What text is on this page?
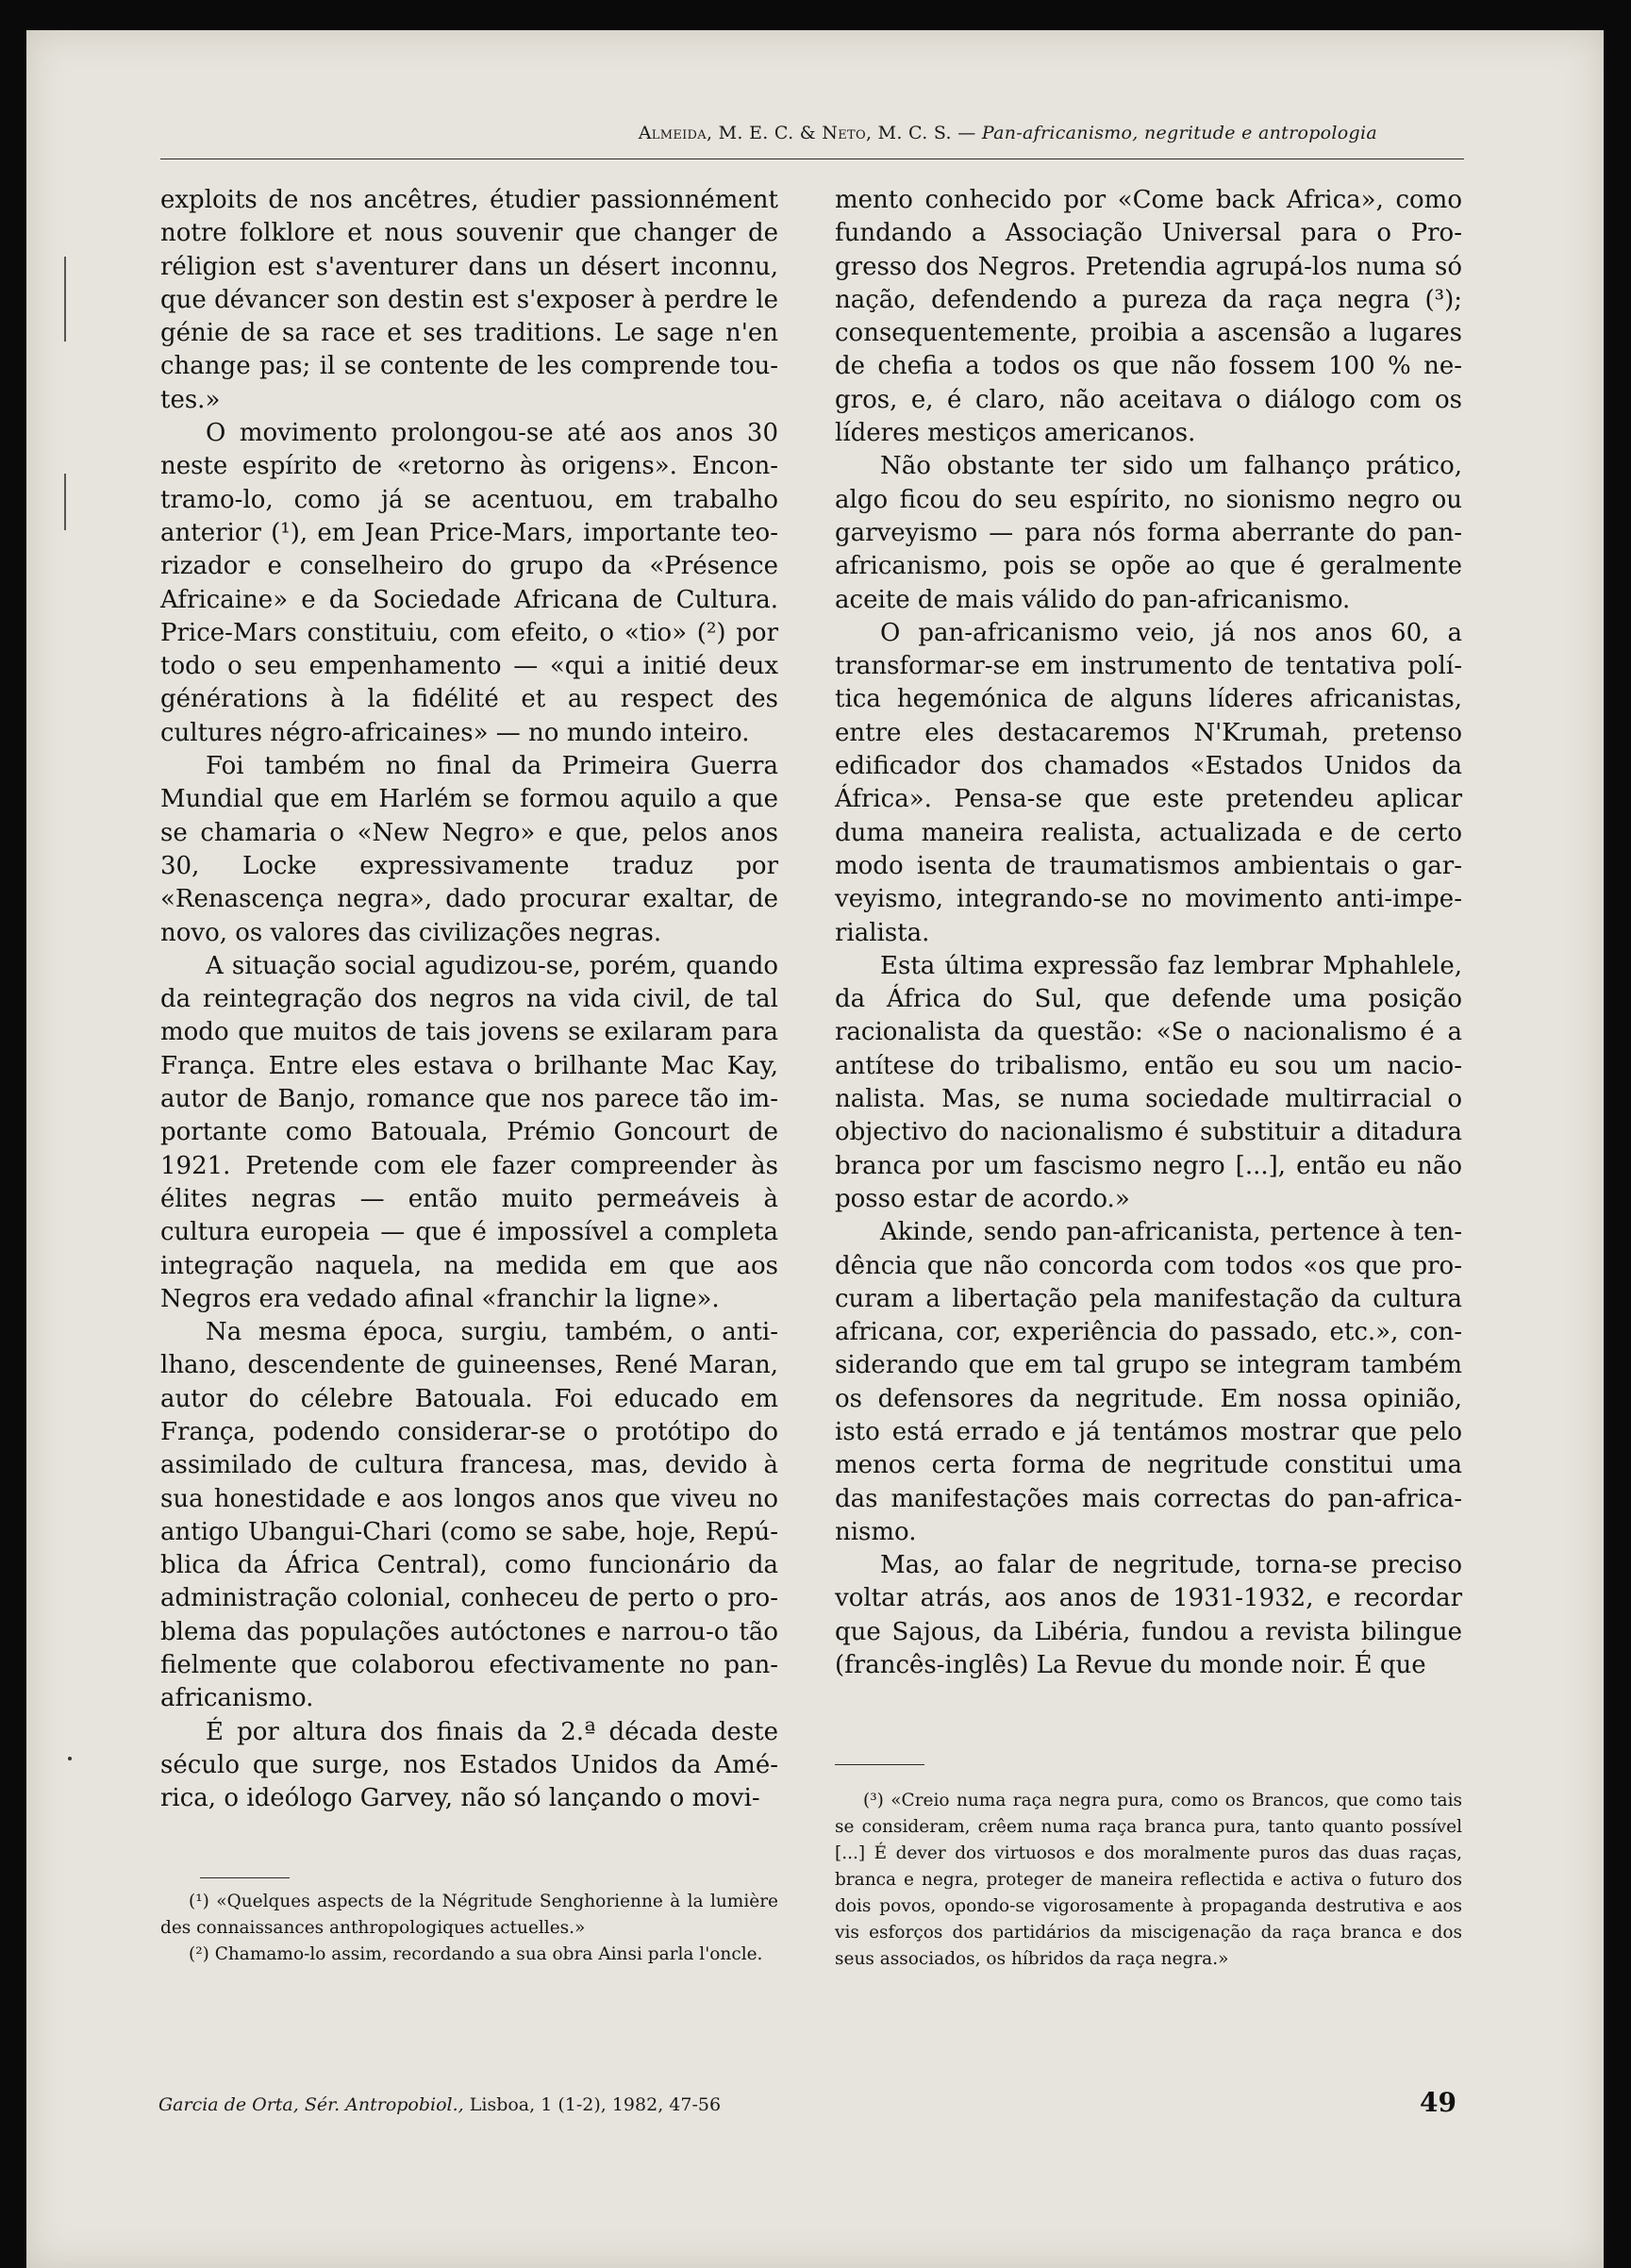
Almeida, M. E. C. & Neto, M. C. S. — Pan-africanismo, negritude e antropologia

exploits de nos ancêtres, étudier passionnément notre folklore et nous souvenir que changer de réligion est s'aventurer dans un désert inconnu, que dévancer son destin est s'exposer à perdre le génie de sa race et ses traditions. Le sage n'en change pas; il se contente de les comprende toutes.»

O movimento prolongou-se até aos anos 30 neste espírito de «retorno às origens». Encontramo-lo, como já se acentuou, em trabalho anterior (¹), em Jean Price-Mars, importante teorizador e conselheiro do grupo da «Présence Africaine» e da Sociedade Africana de Cultura. Price-Mars constituiu, com efeito, o «tio» (²) por todo o seu empenhamento — «qui a initié deux générations à la fidélité et au respect des cultures négro-africaines» — no mundo inteiro.

Foi também no final da Primeira Guerra Mundial que em Harlém se formou aquilo a que se chamaria o «New Negro» e que, pelos anos 30, Locke expressivamente traduz por «Renascença negra», dado procurar exaltar, de novo, os valores das civilizações negras.

A situação social agudizou-se, porém, quando da reintegração dos negros na vida civil, de tal modo que muitos de tais jovens se exilaram para França. Entre eles estava o brilhante Mac Kay, autor de Banjo, romance que nos parece tão importante como Batouala, Prémio Goncourt de 1921. Pretende com ele fazer compreender às élites negras — então muito permeáveis à cultura europeia — que é impossível a completa integração naquela, na medida em que aos Negros era vedado afinal «franchir la ligne».

Na mesma época, surgiu, também, o antilhano, descendente de guineenses, René Maran, autor do célebre Batouala. Foi educado em França, podendo considerar-se o protótipo do assimilado de cultura francesa, mas, devido à sua honestidade e aos longos anos que viveu no antigo Ubangui-Chari (como se sabe, hoje, República da África Central), como funcionário da administração colonial, conheceu de perto o problema das populações autóctones e narrou-o tão fielmente que colaborou efectivamente no pan-africanismo.

É por altura dos finais da 2.ª década deste século que surge, nos Estados Unidos da América, o ideólogo Garvey, não só lançando o movi-

(¹) «Quelques aspects de la Négritude Senghorienne à la lumière des connaissances anthropologiques actuelles.»

(²) Chamamo-lo assim, recordando a sua obra Ainsi parla l'oncle.

mento conhecido por «Come back Africa», como fundando a Associação Universal para o Progresso dos Negros. Pretendia agrupá-los numa só nação, defendendo a pureza da raça negra (³); consequentemente, proibia a ascensão a lugares de chefia a todos os que não fossem 100 % negros, e, é claro, não aceitava o diálogo com os líderes mestiços americanos.

Não obstante ter sido um falhanço prático, algo ficou do seu espírito, no sionismo negro ou garveyismo — para nós forma aberrante do pan-africanismo, pois se opõe ao que é geralmente aceite de mais válido do pan-africanismo.

O pan-africanismo veio, já nos anos 60, a transformar-se em instrumento de tentativa política hegemónica de alguns líderes africanistas, entre eles destacaremos N'Krumah, pretenso edificador dos chamados «Estados Unidos da África». Pensa-se que este pretendeu aplicar duma maneira realista, actualizada e de certo modo isenta de traumatismos ambientais o garveyismo, integrando-se no movimento anti-imperialista.

Esta última expressão faz lembrar Mphahlele, da África do Sul, que defende uma posição racionalista da questão: «Se o nacionalismo é a antítese do tribalismo, então eu sou um nacionalista. Mas, se numa sociedade multirracial o objectivo do nacionalismo é substituir a ditadura branca por um fascismo negro [...], então eu não posso estar de acordo.»

Akinde, sendo pan-africanista, pertence à tendência que não concorda com todos «os que procuram a libertação pela manifestação da cultura africana, cor, experiência do passado, etc.», considerando que em tal grupo se integram também os defensores da negritude. Em nossa opinião, isto está errado e já tentámos mostrar que pelo menos certa forma de negritude constitui uma das manifestações mais correctas do pan-africanismo.

Mas, ao falar de negritude, torna-se preciso voltar atrás, aos anos de 1931-1932, e recordar que Sajous, da Libéria, fundou a revista bilingue (francês-inglês) La Revue du monde noir. É que

(³) «Creio numa raça negra pura, como os Brancos, que como tais se consideram, crêem numa raça branca pura, tanto quanto possível [...] É dever dos virtuosos e dos moralmente puros das duas raças, branca e negra, proteger de maneira reflectida e activa o futuro dos dois povos, opondo-se vigorosamente à propaganda destrutiva e aos vis esforços dos partidários da miscigenação da raça branca e dos seus associados, os híbridos da raça negra.»

Garcia de Orta, Sér. Antropobiol., Lisboa, 1 (1-2), 1982, 47-56	49
